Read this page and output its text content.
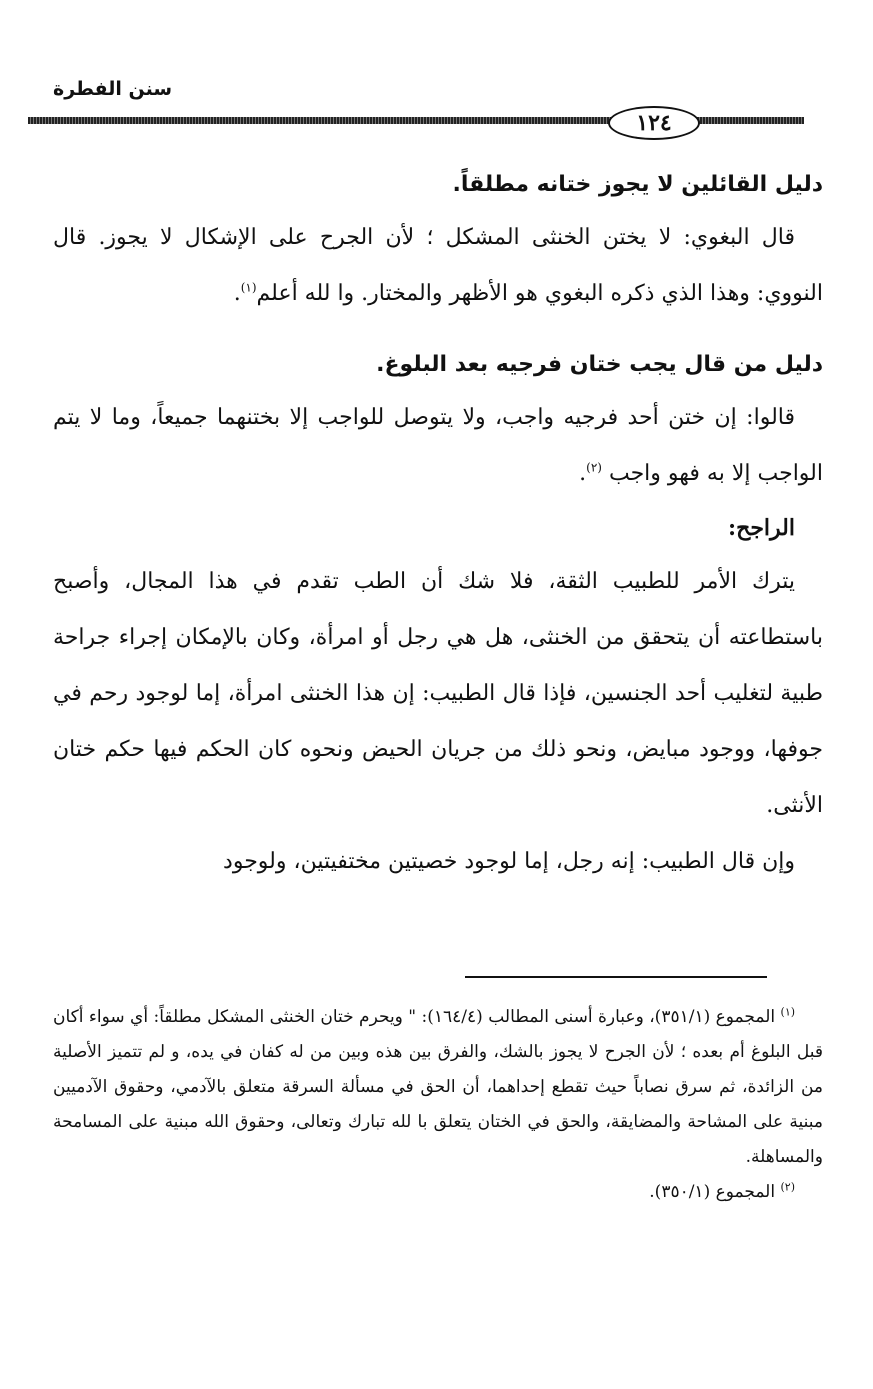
سنن الفطرة
١٢٤

دليل القائلين لا يجوز ختانه مطلقاً.

قال البغوي: لا يختن الخنثى المشكل ؛ لأن الجرح على الإشكال لا يجوز. قال النووي: وهذا الذي ذكره البغوي هو الأظهر والمختار. وا لله أعلم$^{(١)}$.

دليل من قال يجب ختان فرجيه بعد البلوغ.

قالوا: إن ختن أحد فرجيه واجب، ولا يتوصل للواجب إلا بختنهما جميعاً، وما لا يتم الواجب إلا به فهو واجب $^{(٢)}$.

الراجح:

يترك الأمر للطبيب الثقة، فلا شك أن الطب تقدم في هذا المجال، وأصبح باستطاعته أن يتحقق من الخنثى، هل هي رجل أو امرأة، وكان بالإمكان إجراء جراحة طبية لتغليب أحد الجنسين، فإذا قال الطبيب: إن هذا الخنثى امرأة، إما لوجود رحم في جوفها، ووجود مبايض، ونحو ذلك من جريان الحيض ونحوه كان الحكم فيها حكم ختان الأنثى.

وإن قال الطبيب: إنه رجل، إما لوجود خصيتين مختفيتين، ولوجود

$^{(١)}$ المجموع (٣٥١/١)، وعبارة أسنى المطالب (١٦٤/٤): " ويحرم ختان الخنثى المشكل مطلقاً: أي سواء أكان قبل البلوغ أم بعده ؛ لأن الجرح لا يجوز بالشك، والفرق بين هذه وبين من له كفان في يده، و لم تتميز الأصلية من الزائدة، ثم سرق نصاباً حيث تقطع إحداهما، أن الحق في مسألة السرقة متعلق بالآدمي، وحقوق الآدميين مبنية على المشاحة والمضايقة، والحق في الختان يتعلق با لله تبارك وتعالى، وحقوق الله مبنية على المسامحة والمساهلة.

$^{(٢)}$ المجموع (٣٥٠/١).
